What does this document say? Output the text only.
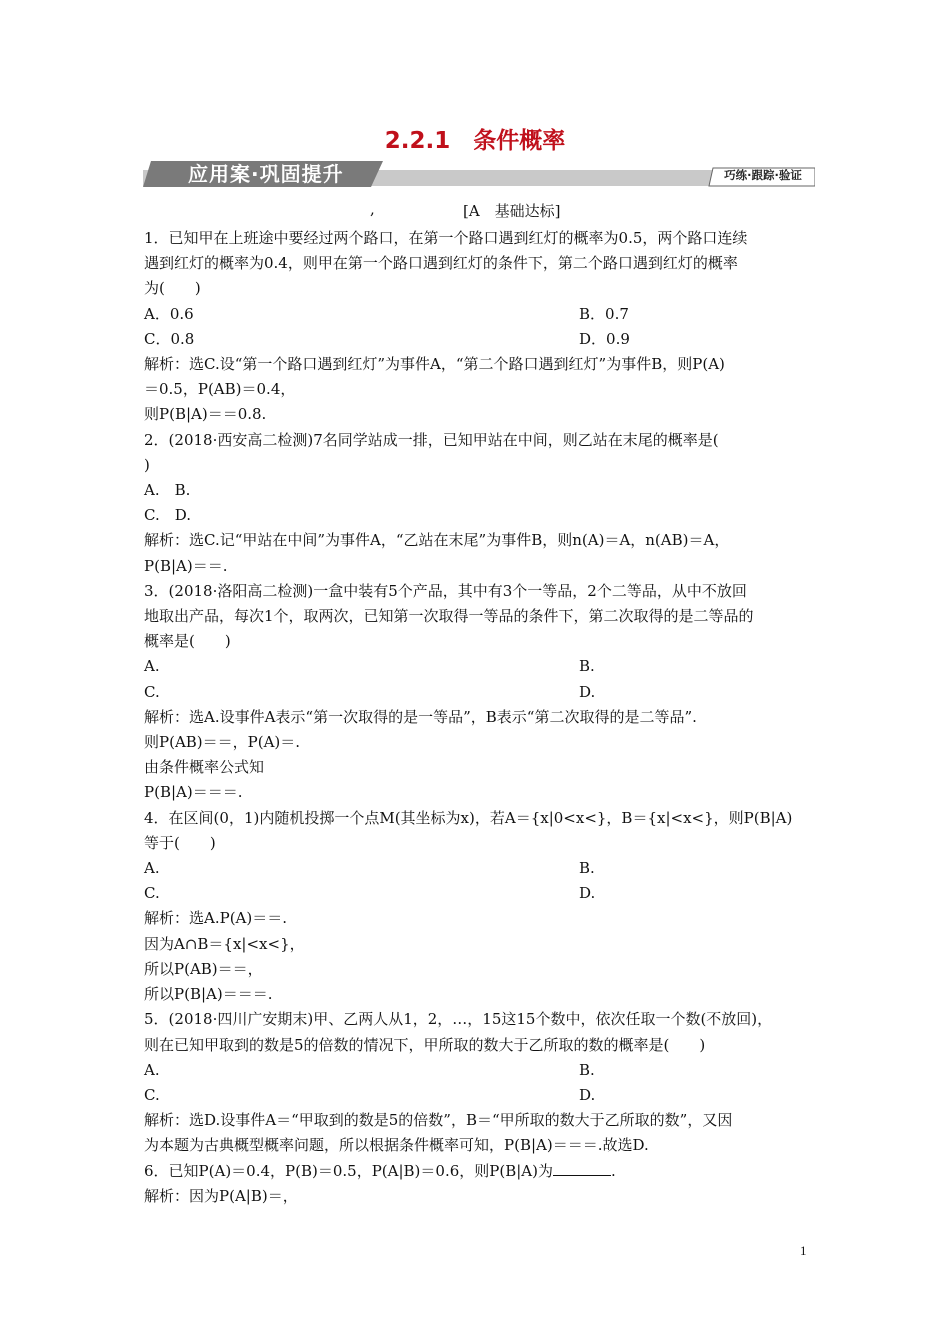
2.2.1　条件概率
应用案·巩固提升	巧练·跟踪·验证
,	[A　基础达标]

1．已知甲在上班途中要经过两个路口，在第一个路口遇到红灯的概率为0.5，两个路口连续

遇到红灯的概率为0.4，则甲在第一个路口遇到红灯的条件下，第二个路口遇到红灯的概率

为(　　)

A．0.6	B．0.7
C．0.8	D．0.9

解析：选C.设“第一个路口遇到红灯”为事件A，“第二个路口遇到红灯”为事件B，则P(A)

＝0.5，P(AB)＝0.4，

则P(B|A)＝＝0.8.

2．(2018·西安高二检测)7名同学站成一排，已知甲站在中间，则乙站在末尾的概率是(

)

A.　B.

C.　D.

解析：选C.记“甲站在中间”为事件A，“乙站在末尾”为事件B，则n(A)＝A，n(AB)＝A，

P(B|A)＝＝.

3．(2018·洛阳高二检测)一盒中装有5个产品，其中有3个一等品，2个二等品，从中不放回

地取出产品，每次1个，取两次，已知第一次取得一等品的条件下，第二次取得的是二等品的

概率是(　　)

A.	B.
C.	D.

解析：选A.设事件A表示“第一次取得的是一等品”，B表示“第二次取得的是二等品”.

则P(AB)＝＝，P(A)＝.

由条件概率公式知

P(B|A)＝＝＝.

4．在区间(0，1)内随机投掷一个点M(其坐标为x)，若A＝{x|0<x<}，B＝{x|<x<}，则P(B|A)

等于(　　)

A.	B.
C.	D.

解析：选A.P(A)＝＝.

因为A∩B＝{x|<x<}，

所以P(AB)＝＝，

所以P(B|A)＝＝＝.

5．(2018·四川广安期末)甲、乙两人从1，2，…，15这15个数中，依次任取一个数(不放回)，

则在已知甲取到的数是5的倍数的情况下，甲所取的数大于乙所取的数的概率是(　　)

A.	B.
C.	D.

解析：选D.设事件A＝“甲取到的数是5的倍数”，B＝“甲所取的数大于乙所取的数”，又因

为本题为古典概型概率问题，所以根据条件概率可知，P(B|A)＝＝＝.故选D.

6．已知P(A)＝0.4，P(B)＝0.5，P(A|B)＝0.6，则P(B|A)为	.

解析：因为P(A|B)＝，

1
